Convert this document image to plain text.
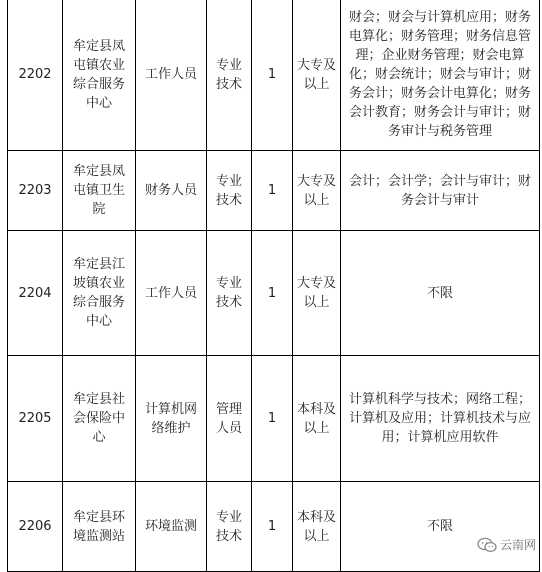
2202	牟定县凤屯镇农业综合服务中心	工作人员	专业技术	1	大专及以上	财会；财会与计算机应用；财务电算化；财务管理；财务信息管理；企业财务管理；财会电算化；财会统计；财会与审计；财务会计；财务会计电算化；财务会计教育；财务会计与审计；财务审计与税务管理
2203	牟定县凤屯镇卫生院	财务人员	专业技术	1	大专及以上	会计；会计学；会计与审计；财务会计与审计
2204	牟定县江坡镇农业综合服务中心	工作人员	专业技术	1	大专及以上	不限
2205	牟定县社会保险中心	计算机网络维护	管理人员	1	本科及以上	计算机科学与技术；网络工程；计算机及应用；计算机技术与应用；计算机应用软件
2206	牟定县环境监测站	环境监测	专业技术	1	本科及以上	不限
云南网
